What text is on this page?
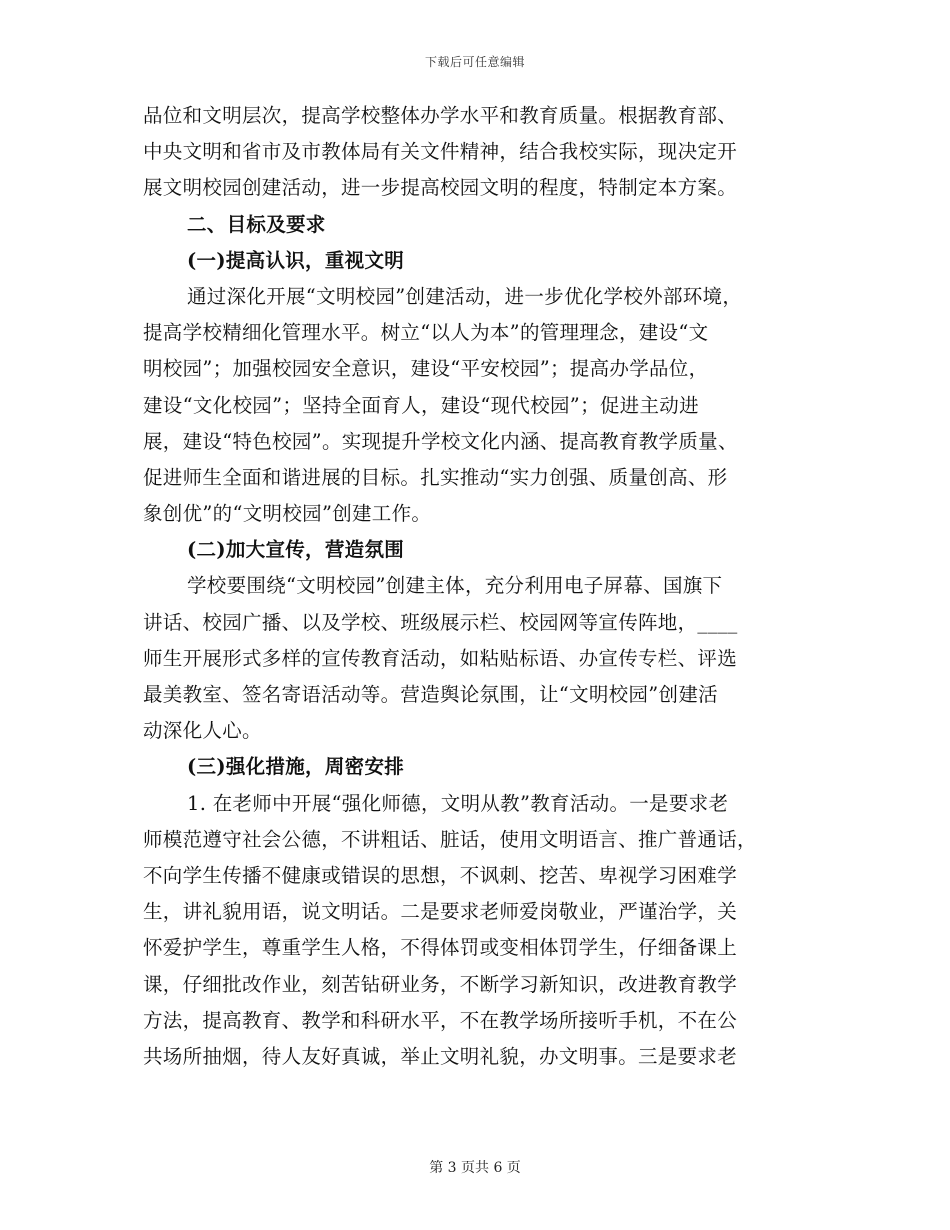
下载后可任意编辑
品位和文明层次，提高学校整体办学水平和教育质量。根据教育部、
中央文明和省市及市教体局有关文件精神，结合我校实际，现决定开
展文明校园创建活动，进一步提高校园文明的程度，特制定本方案。
二、目标及要求
(一)提高认识，重视文明
通过深化开展“文明校园”创建活动，进一步优化学校外部环境，
提高学校精细化管理水平。树立“以人为本”的管理理念，建设“文
明校园”；加强校园安全意识，建设“平安校园”；提高办学品位，
建设“文化校园”；坚持全面育人，建设“现代校园”；促进主动进
展，建设“特色校园”。实现提升学校文化内涵、提高教育教学质量、
促进师生全面和谐进展的目标。扎实推动“实力创强、质量创高、形
象创优”的“文明校园”创建工作。
(二)加大宣传，营造氛围
学校要围绕“文明校园”创建主体，充分利用电子屏幕、国旗下
讲话、校园广播、以及学校、班级展示栏、校园网等宣传阵地，____
师生开展形式多样的宣传教育活动，如粘贴标语、办宣传专栏、评选
最美教室、签名寄语活动等。营造舆论氛围，让“文明校园”创建活
动深化人心。
(三)强化措施，周密安排
1. 在老师中开展“强化师德，文明从教”教育活动。一是要求老
师模范遵守社会公德，不讲粗话、脏话，使用文明语言、推广普通话，
不向学生传播不健康或错误的思想，不讽刺、挖苦、卑视学习困难学
生，讲礼貌用语，说文明话。二是要求老师爱岗敬业，严谨治学，关
怀爱护学生，尊重学生人格，不得体罚或变相体罚学生，仔细备课上
课，仔细批改作业，刻苦钻研业务，不断学习新知识，改进教育教学
方法，提高教育、教学和科研水平，不在教学场所接听手机，不在公
共场所抽烟，待人友好真诚，举止文明礼貌，办文明事。三是要求老
第 3 页共 6 页
